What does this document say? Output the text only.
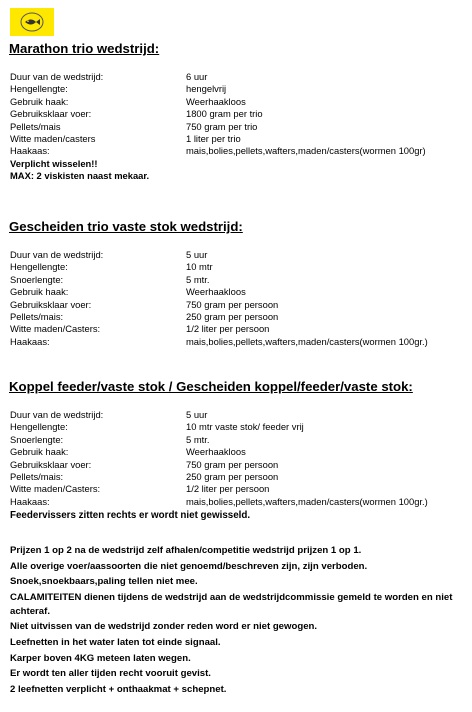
Marathon trio wedstrijd:
Duur van de wedstrijd:	6 uur
Hengellengte:	hengelvrij
Gebruik haak:	Weerhaakloos
Gebruiksklaar voer:	1800 gram per trio
Pellets/mais	750 gram per trio
Witte maden/casters	1 liter per trio
Haakaas:	mais,bolies,pellets,wafters,maden/casters(wormen 100gr)
Verplicht wisselen!!
MAX: 2 viskisten naast mekaar.
Gescheiden trio vaste stok wedstrijd:
Duur van de wedstrijd:	5 uur
Hengellengte:	10 mtr
Snoerlengte:	5 mtr.
Gebruik haak:	Weerhaakloos
Gebruiksklaar voer:	750 gram per persoon
Pellets/mais:	250 gram per persoon
Witte maden/Casters:	1/2 liter per persoon
Haakaas:	mais,bolies,pellets,wafters,maden/casters(wormen 100gr.)
Koppel feeder/vaste stok / Gescheiden koppel/feeder/vaste stok:
Duur van de wedstrijd:	5 uur
Hengellengte:	10 mtr vaste stok/ feeder vrij
Snoerlengte:	5 mtr.
Gebruik haak:	Weerhaakloos
Gebruiksklaar voer:	750 gram per persoon
Pellets/mais:	250 gram per persoon
Witte maden/Casters:	1/2 liter per persoon
Haakaas:	mais,bolies,pellets,wafters,maden/casters(wormen 100gr.)
Feedervissers zitten rechts er wordt niet gewisseld.
Prijzen 1 op 2 na de wedstrijd zelf afhalen/competitie wedstrijd prijzen 1 op 1.
Alle overige voer/aassoorten die niet genoemd/beschreven zijn, zijn verboden.
Snoek,snoekbaars,paling tellen niet mee.
CALAMITEITEN dienen tijdens de wedstrijd aan de wedstrijdcommissie gemeld te worden en niet achteraf.
Niet uitvissen van de wedstrijd zonder reden word er niet gewogen.
Leefnetten in het water laten tot einde signaal.
Karper boven 4KG meteen laten wegen.
Er wordt ten aller tijden recht vooruit gevist.
2 leefnetten verplicht + onthaakmat + schepnet.
